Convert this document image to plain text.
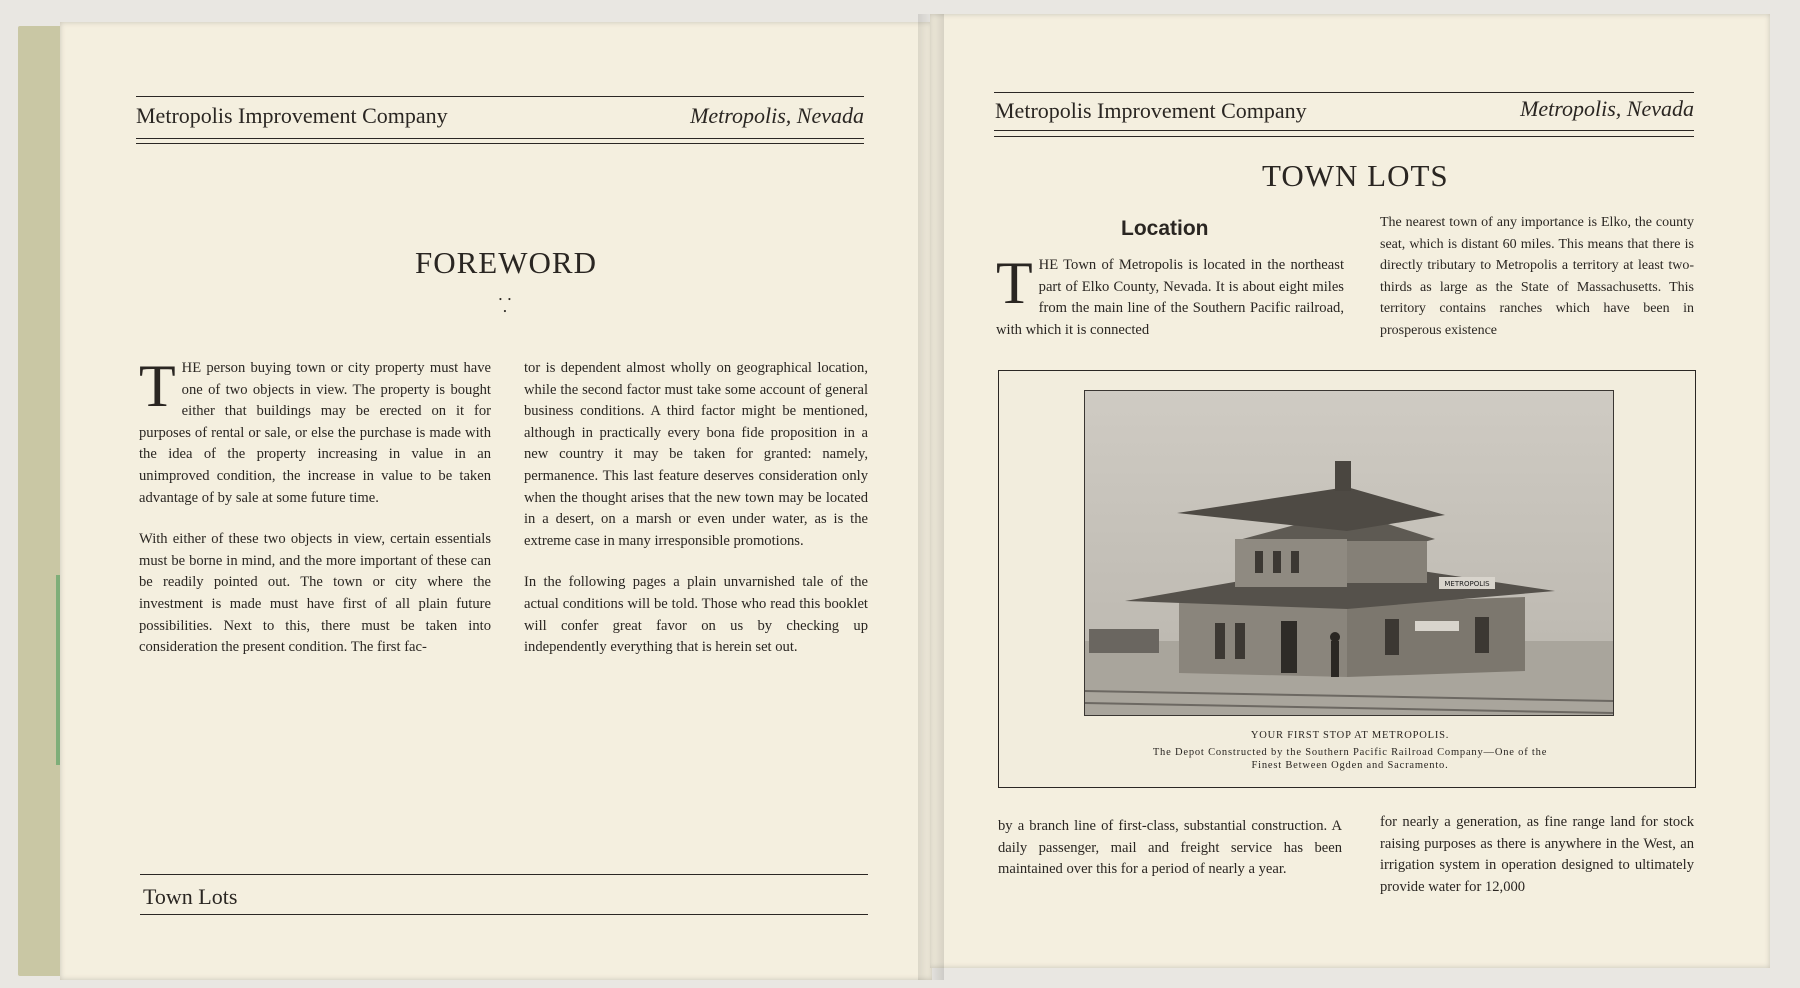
Metropolis Improvement Company	Metropolis, Nevada
FOREWORD
∙ ∙
∙

THE person buying town or city property must have one of two objects in view. The property is bought either that buildings may be erected on it for purposes of rental or sale, or else the purchase is made with the idea of the property increasing in value in an unimproved condition, the increase in value to be taken advantage of by sale at some future time.

With either of these two objects in view, certain essentials must be borne in mind, and the more important of these can be readily pointed out. The town or city where the investment is made must have first of all plain future possibilities. Next to this, there must be taken into consideration the present condition. The first fac-

tor is dependent almost wholly on geographical location, while the second factor must take some account of general business conditions. A third factor might be mentioned, although in practically every bona fide proposition in a new country it may be taken for granted: namely, permanence. This last feature deserves consideration only when the thought arises that the new town may be located in a desert, on a marsh or even under water, as is the extreme case in many irresponsible promotions.

In the following pages a plain unvarnished tale of the actual conditions will be told. Those who read this booklet will confer great favor on us by checking up independently everything that is herein set out.

Town Lots
Metropolis Improvement Company	Metropolis, Nevada
TOWN LOTS
Location

THE Town of Metropolis is located in the northeast part of Elko County, Nevada. It is about eight miles from the main line of the Southern Pacific railroad, with which it is connected

The nearest town of any importance is Elko, the county seat, which is distant 60 miles. This means that there is directly tributary to Metropolis a territory at least two-thirds as large as the State of Massachusetts. This territory contains ranches which have been in prosperous existence

METROPOLIS
YOUR FIRST STOP AT METROPOLIS.
The Depot Constructed by the Southern Pacific Railroad Company—One of the
Finest Between Ogden and Sacramento.

by a branch line of first-class, substantial construction. A daily passenger, mail and freight service has been maintained over this for a period of nearly a year.

for nearly a generation, as fine range land for stock raising purposes as there is anywhere in the West, an irrigation system in operation designed to ultimately provide water for 12,000
